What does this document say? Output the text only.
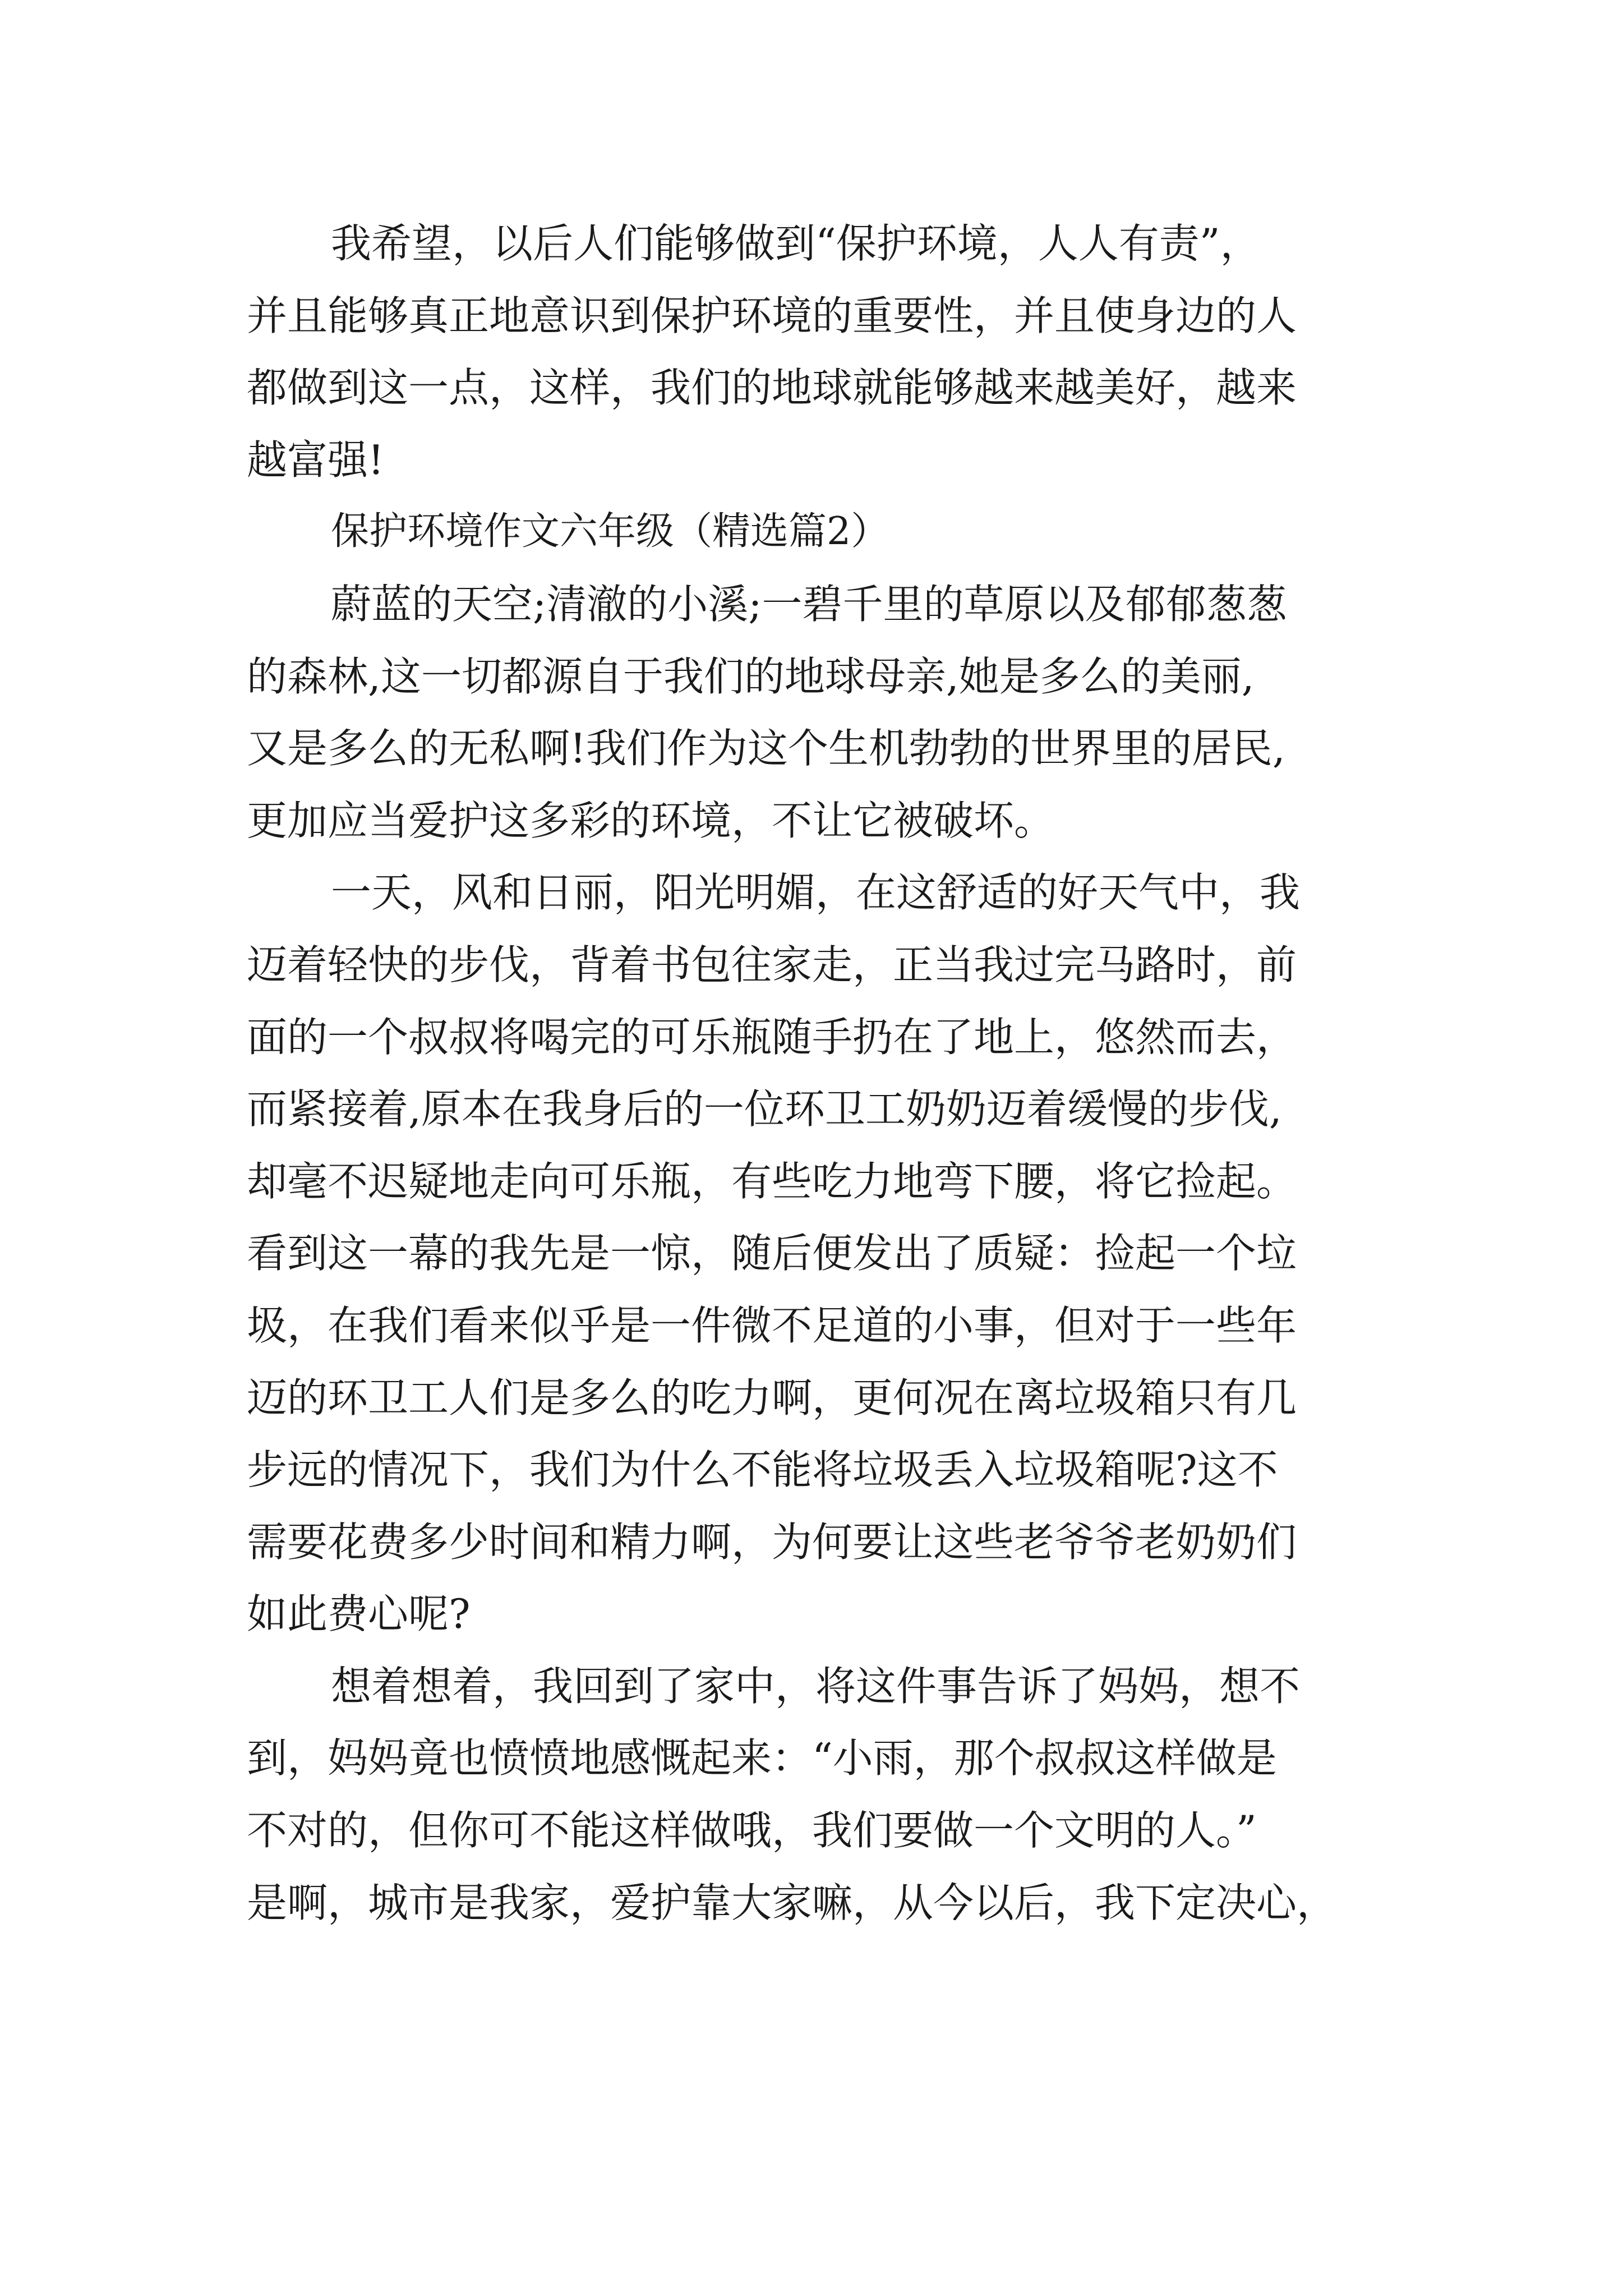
我希望，以后人们能够做到“保护环境，人人有责”，
并且能够真正地意识到保护环境的重要性，并且使身边的人
都做到这一点，这样，我们的地球就能够越来越美好，越来
越富强!
保护环境作文六年级（精选篇2）
蔚蓝的天空;清澈的小溪;一碧千里的草原以及郁郁葱葱
的森林,这一切都源自于我们的地球母亲,她是多么的美丽,
又是多么的无私啊!我们作为这个生机勃勃的世界里的居民,
更加应当爱护这多彩的环境，不让它被破坏。
一天，风和日丽，阳光明媚，在这舒适的好天气中，我
迈着轻快的步伐，背着书包往家走，正当我过完马路时，前
面的一个叔叔将喝完的可乐瓶随手扔在了地上，悠然而去，
而紧接着,原本在我身后的一位环卫工奶奶迈着缓慢的步伐,
却毫不迟疑地走向可乐瓶，有些吃力地弯下腰，将它捡起。
看到这一幕的我先是一惊，随后便发出了质疑：捡起一个垃
圾，在我们看来似乎是一件微不足道的小事，但对于一些年
迈的环卫工人们是多么的吃力啊，更何况在离垃圾箱只有几
步远的情况下，我们为什么不能将垃圾丢入垃圾箱呢?这不
需要花费多少时间和精力啊，为何要让这些老爷爷老奶奶们
如此费心呢?
想着想着，我回到了家中，将这件事告诉了妈妈，想不
到，妈妈竟也愤愤地感慨起来：“小雨，那个叔叔这样做是
不对的，但你可不能这样做哦，我们要做一个文明的人。”
是啊，城市是我家，爱护靠大家嘛，从今以后，我下定决心，
